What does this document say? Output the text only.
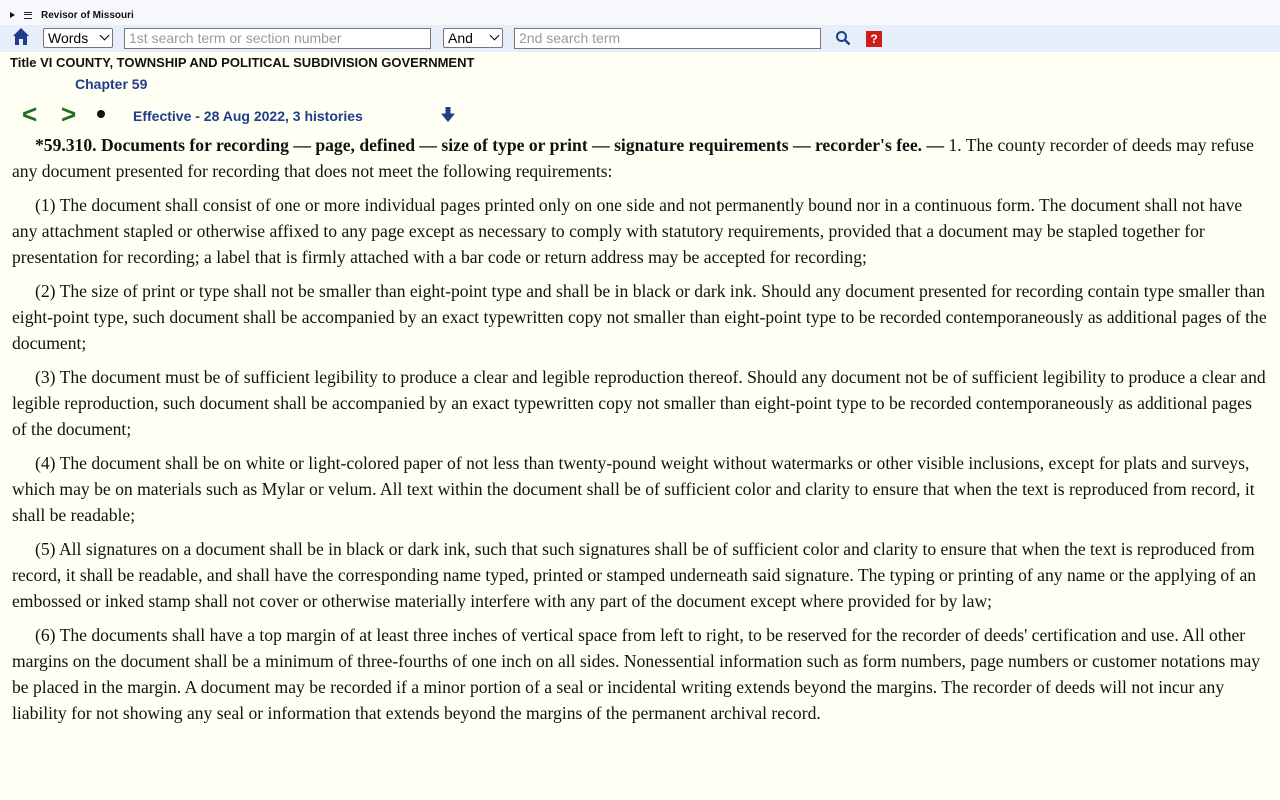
Revisor of Missouri
Words	1st search term or section number	And	2nd search term	?
Title VI COUNTY, TOWNSHIP AND POLITICAL SUBDIVISION GOVERNMENT
Chapter 59
< >	Effective - 28 Aug 2022, 3 histories

*59.310. Documents for recording — page, defined — size of type or print — signature requirements — recorder's fee. — 1. The county recorder of deeds may refuse any document presented for recording that does not meet the following requirements:

(1) The document shall consist of one or more individual pages printed only on one side and not permanently bound nor in a continuous form. The document shall not have any attachment stapled or otherwise affixed to any page except as necessary to comply with statutory requirements, provided that a document may be stapled together for presentation for recording; a label that is firmly attached with a bar code or return address may be accepted for recording;

(2) The size of print or type shall not be smaller than eight-point type and shall be in black or dark ink. Should any document presented for recording contain type smaller than eight-point type, such document shall be accompanied by an exact typewritten copy not smaller than eight-point type to be recorded contemporaneously as additional pages of the document;

(3) The document must be of sufficient legibility to produce a clear and legible reproduction thereof. Should any document not be of sufficient legibility to produce a clear and legible reproduction, such document shall be accompanied by an exact typewritten copy not smaller than eight-point type to be recorded contemporaneously as additional pages of the document;

(4) The document shall be on white or light-colored paper of not less than twenty-pound weight without watermarks or other visible inclusions, except for plats and surveys, which may be on materials such as Mylar or velum. All text within the document shall be of sufficient color and clarity to ensure that when the text is reproduced from record, it shall be readable;

(5) All signatures on a document shall be in black or dark ink, such that such signatures shall be of sufficient color and clarity to ensure that when the text is reproduced from record, it shall be readable, and shall have the corresponding name typed, printed or stamped underneath said signature. The typing or printing of any name or the applying of an embossed or inked stamp shall not cover or otherwise materially interfere with any part of the document except where provided for by law;

(6) The documents shall have a top margin of at least three inches of vertical space from left to right, to be reserved for the recorder of deeds' certification and use. All other margins on the document shall be a minimum of three-fourths of one inch on all sides. Nonessential information such as form numbers, page numbers or customer notations may be placed in the margin. A document may be recorded if a minor portion of a seal or incidental writing extends beyond the margins. The recorder of deeds will not incur any liability for not showing any seal or information that extends beyond the margins of the permanent archival record.
